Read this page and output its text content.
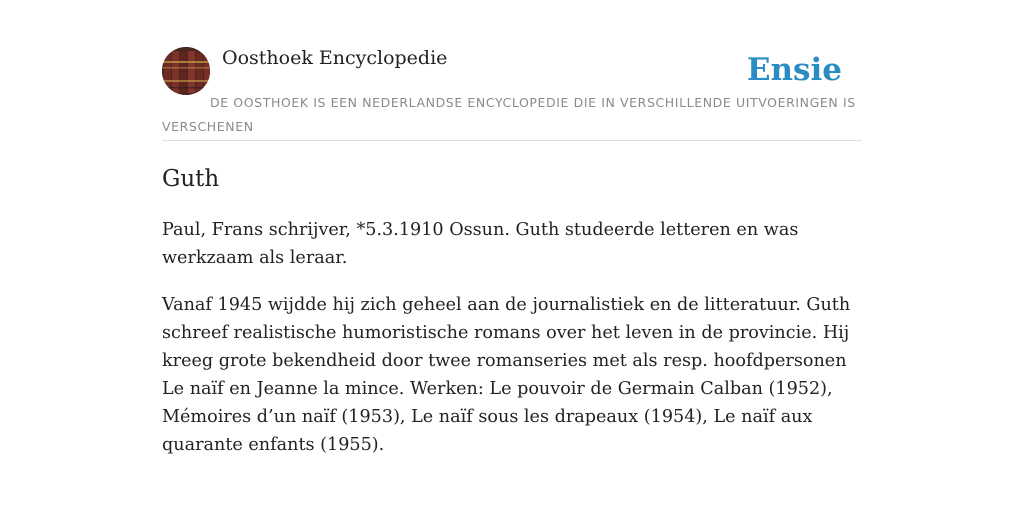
Oosthoek Encyclopedie	Ensie
DE OOSTHOEK IS EEN NEDERLANDSE ENCYCLOPEDIE DIE IN VERSCHILLENDE UITVOERINGEN IS VERSCHENEN
Guth

Paul, Frans schrijver, *5.3.1910 Ossun. Guth studeerde letteren en was werkzaam als leraar.

Vanaf 1945 wijdde hij zich geheel aan de journalistiek en de litteratuur. Guth schreef realistische humoristische romans over het leven in de provincie. Hij kreeg grote bekendheid door twee romanseries met als resp. hoofdpersonen Le naïf en Jeanne la mince. Werken: Le pouvoir de Germain Calban (1952), Mémoires d’un naïf (1953), Le naïf sous les drapeaux (1954), Le naïf aux quarante enfants (1955).
